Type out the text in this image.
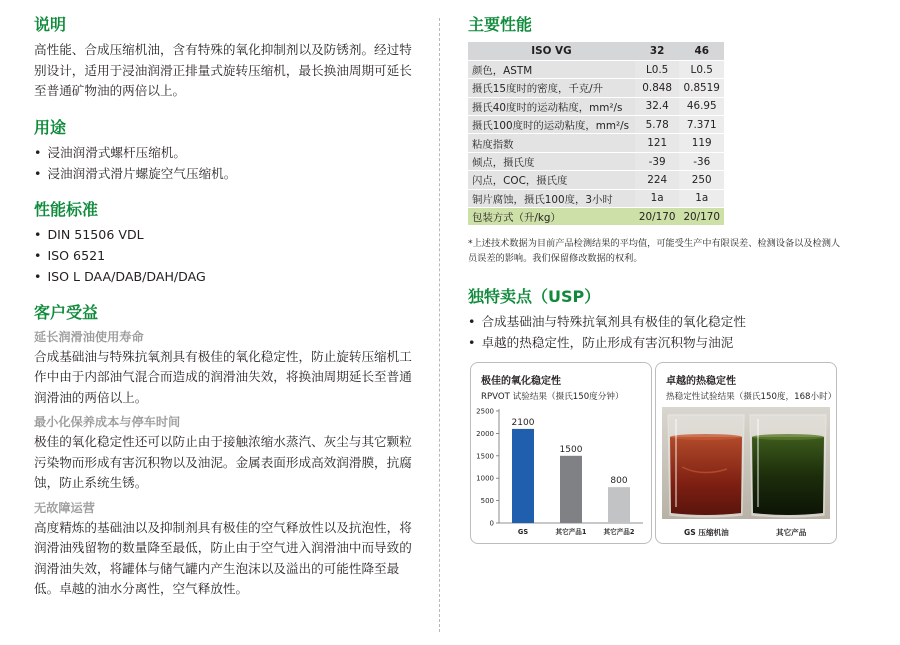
说明

高性能、合成压缩机油，含有特殊的氧化抑制剂以及防锈剂。经过特别设计，适用于浸油润滑正排量式旋转压缩机，最长换油周期可延长至普通矿物油的两倍以上。

用途
• 浸油润滑式螺杆压缩机。
• 浸油润滑式滑片螺旋空气压缩机。
性能标准
• DIN 51506 VDL
• ISO 6521
• ISO L DAA/DAB/DAH/DAG
客户受益
延长润滑油使用寿命

合成基础油与特殊抗氧剂具有极佳的氧化稳定性，防止旋转压缩机工作中由于内部油气混合而造成的润滑油失效，将换油周期延长至普通润滑油的两倍以上。

最小化保养成本与停车时间

极佳的氧化稳定性还可以防止由于接触浓缩水蒸汽、灰尘与其它颗粒污染物而形成有害沉积物以及油泥。金属表面形成高效润滑膜，抗腐蚀，防止系统生锈。

无故障运营

高度精炼的基础油以及抑制剂具有极佳的空气释放性以及抗泡性，将润滑油残留物的数量降至最低，防止由于空气进入润滑油中而导致的润滑油失效，将罐体与储气罐内产生泡沫以及溢出的可能性降至最低。卓越的油水分离性，空气释放性。

主要性能
ISO VG	32	46
颜色，ASTM	L0.5	L0.5
摄氏15度时的密度，千克/升	0.848	0.8519
摄氏40度时的运动粘度，mm²/s	32.4	46.95
摄氏100度时的运动粘度，mm²/s	5.78	7.371
粘度指数	121	119
倾点，摄氏度	-39	-36
闪点，COC，摄氏度	224	250
铜片腐蚀，摄氏100度，3小时	1a	1a
包装方式（升/kg）	20/170	20/170

*上述技术数据为目前产品检测结果的平均值，可能受生产中有限误差、检测设备以及检测人员误差的影响。我们保留修改数据的权利。

独特卖点（USP）
• 合成基础油与特殊抗氧剂具有极佳的氧化稳定性
• 卓越的热稳定性，防止形成有害沉积物与油泥
极佳的氧化稳定性
RPVOT 试验结果（摄氏150度分钟）
0
500
1000
1500
2000
2500
2100
GS
1500
其它产品1
800
其它产品2
卓越的热稳定性
热稳定性试验结果（摄氏150度，168小时）
GS 压缩机油	其它产品
